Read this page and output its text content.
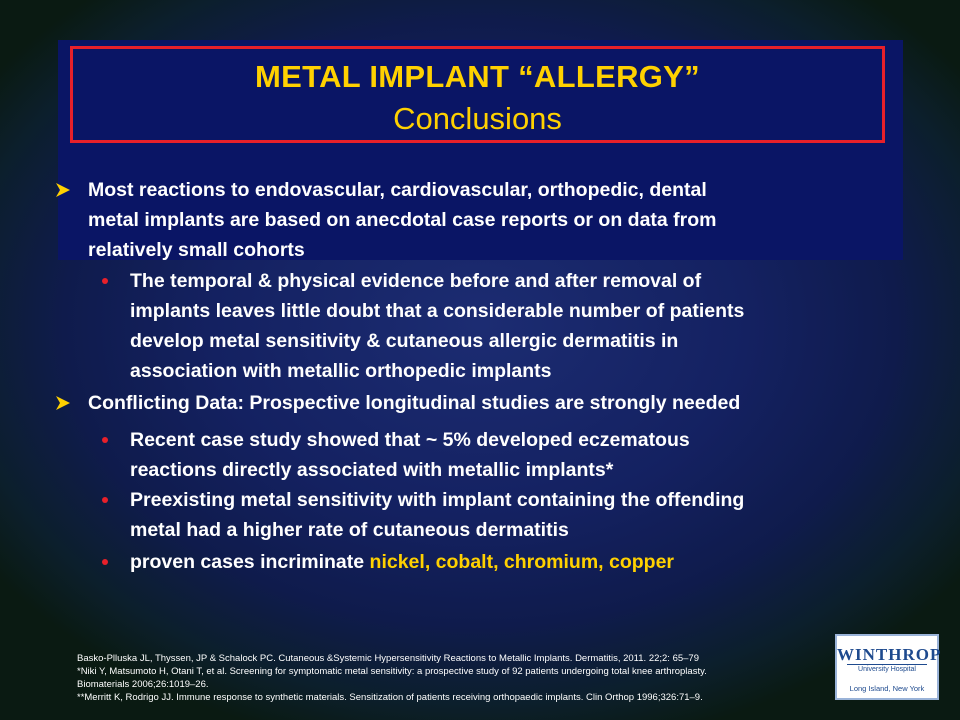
METAL IMPLANT “ALLERGY”
Conclusions
Most reactions to endovascular, cardiovascular, orthopedic, dental
metal implants are based on anecdotal case reports or on data from
relatively small cohorts
The temporal & physical evidence before and after removal of
implants leaves little doubt that a considerable number of patients
develop metal sensitivity & cutaneous allergic dermatitis in
association with metallic orthopedic implants
Conflicting Data: Prospective longitudinal studies are strongly needed
Recent case study showed that ~ 5% developed eczematous
reactions directly associated with metallic implants*
Preexisting metal sensitivity with implant containing the offending
metal had a higher rate of cutaneous dermatitis
proven cases incriminate nickel, cobalt, chromium, copper
Basko-Plluska JL, Thyssen, JP & Schalock PC. Cutaneous &Systemic Hypersensitivity Reactions to Metallic Implants. Dermatitis, 2011. 22;2: 65–79
*Niki Y, Matsumoto H, Otani T, et al. Screening for symptomatic metal sensitivity: a prospective study of 92 patients undergoing total knee arthroplasty.
Biomaterials 2006;26:1019–26.
**Merritt K, Rodrigo JJ. Immune response to synthetic materials. Sensitization of patients receiving orthopaedic implants. Clin Orthop 1996;326:71–9.
WINTHROP
University Hospital
Long Island, New York
